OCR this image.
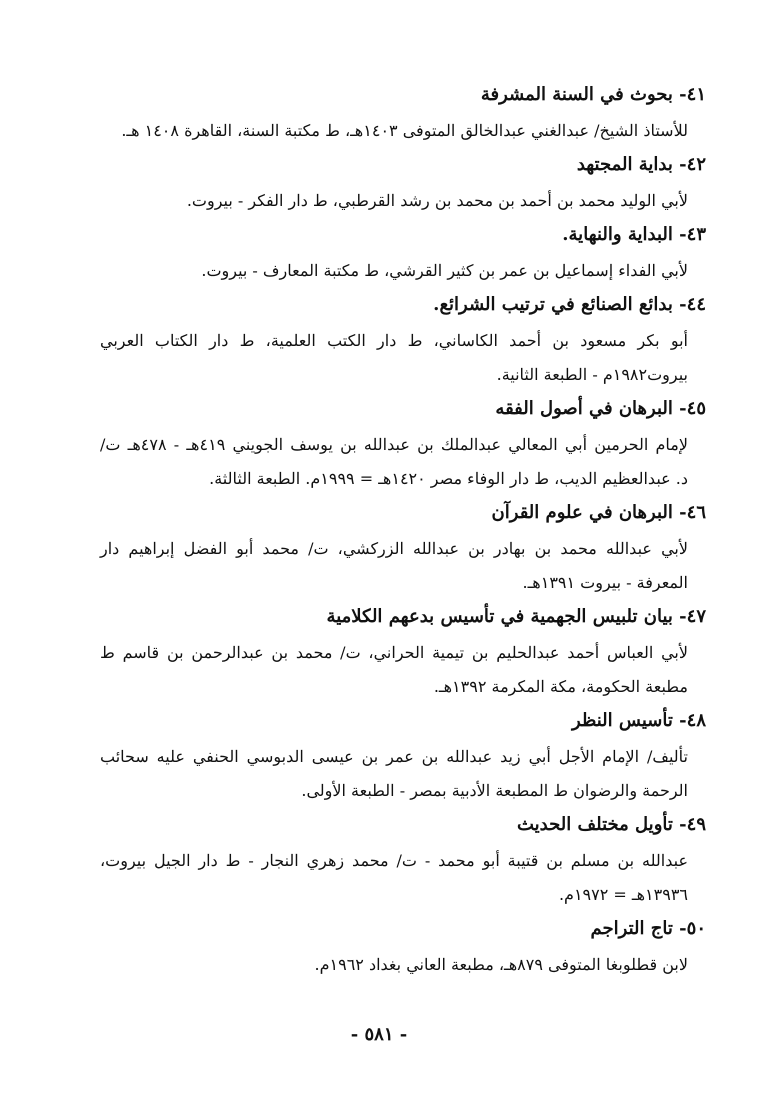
٤١- بحوث في السنة المشرفة
للأستاذ الشيخ/ عبدالغني عبدالخالق المتوفى ١٤٠٣هـ، ط مكتبة السنة، القاهرة ١٤٠٨ هـ.
٤٢- بداية المجتهد
لأبي الوليد محمد بن أحمد بن محمد بن رشد القرطبي، ط دار الفكر - بيروت.
٤٣- البداية والنهاية.
لأبي الفداء إسماعيل بن عمر بن كثير القرشي، ط مكتبة المعارف - بيروت.
٤٤- بدائع الصنائع في ترتيب الشرائع.
أبو بكر مسعود بن أحمد الكاساني، ط دار الكتب العلمية، ط دار الكتاب العربي
بيروت١٩٨٢م - الطبعة الثانية.
٤٥- البرهان في أصول الفقه
لإمام الحرمين أبي المعالي عبدالملك بن عبدالله بن يوسف الجويني ٤١٩هـ - ٤٧٨هـ ت/
د. عبدالعظيم الديب، ط دار الوفاء مصر ١٤٢٠هـ = ١٩٩٩م. الطبعة الثالثة.
٤٦- البرهان في علوم القرآن
لأبي عبدالله محمد بن بهادر بن عبدالله الزركشي، ت/ محمد أبو الفضل إبراهيم دار
المعرفة - بيروت ١٣٩١هـ.
٤٧- بيان تلبيس الجهمية في تأسيس بدعهم الكلامية
لأبي العباس أحمد عبدالحليم بن تيمية الحراني، ت/ محمد بن عبدالرحمن بن قاسم ط
مطبعة الحكومة، مكة المكرمة ١٣٩٢هـ.
٤٨- تأسيس النظر
تأليف/ الإمام الأجل أبي زيد عبدالله بن عمر بن عيسى الدبوسي الحنفي عليه سحائب
الرحمة والرضوان ط المطبعة الأدبية بمصر - الطبعة الأولى.
٤٩- تأويل مختلف الحديث
عبدالله بن مسلم بن قتيبة أبو محمد - ت/ محمد زهري النجار - ط دار الجيل بيروت،
١٣٩٣٦هـ = ١٩٧٢م.
٥٠- تاج التراجم
لابن قطلوبغا المتوفى ٨٧٩هـ، مطبعة العاني بغداد ١٩٦٢م.
- ٥٨١ -
